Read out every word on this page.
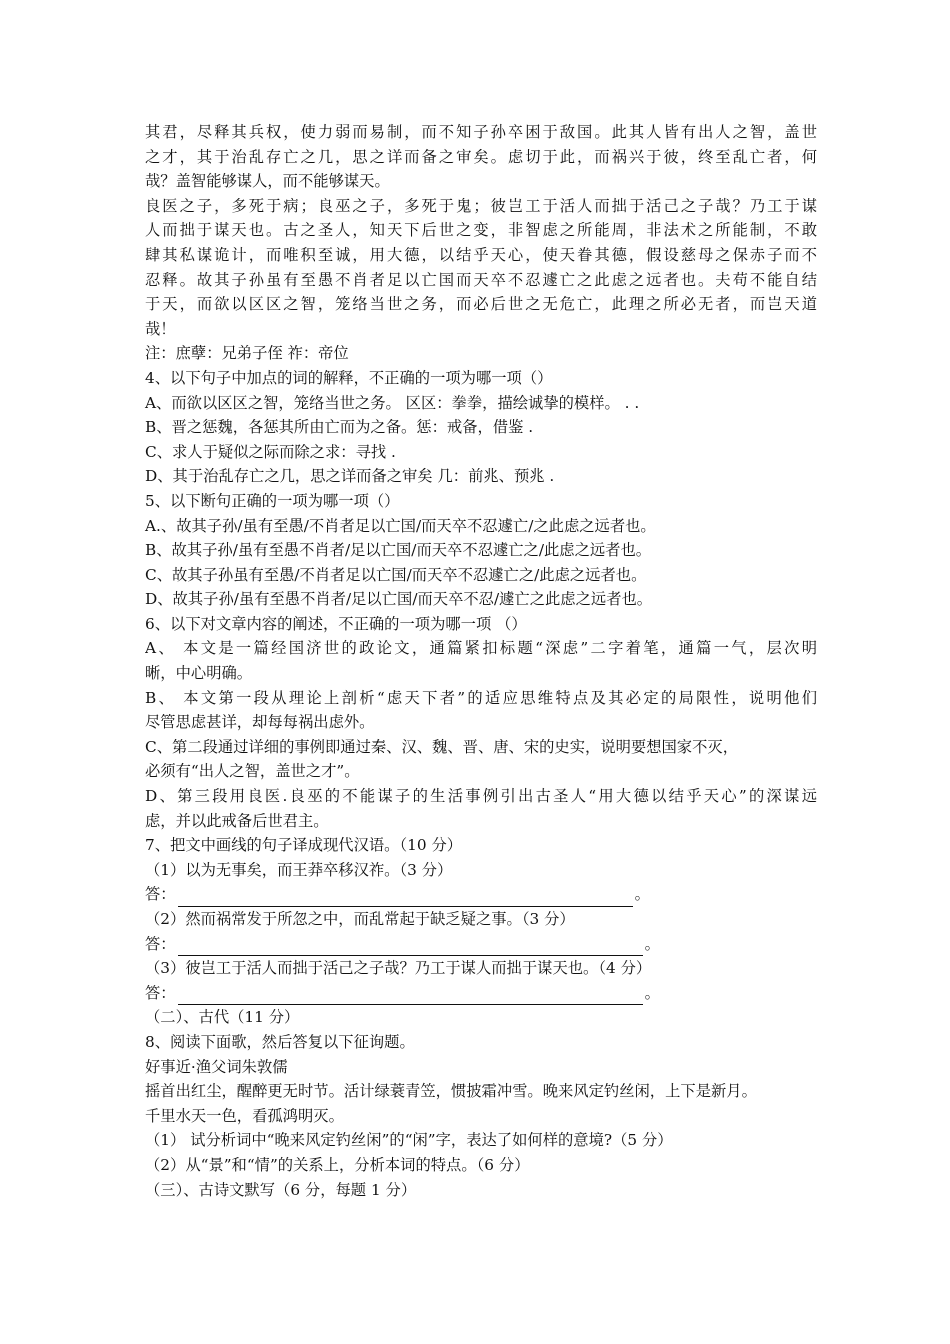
其君，尽释其兵权，使力弱而易制，而不知子孙卒困于敌国。此其人皆有出人之智，盖世
之才，其于治乱存亡之几，思之详而备之审矣。虑切于此，而祸兴于彼，终至乱亡者，何
哉？盖智能够谋人，而不能够谋天。
良医之子，多死于病；良巫之子，多死于鬼；彼岂工于活人而拙于活己之子哉？乃工于谋
人而拙于谋天也。古之圣人，知天下后世之变，非智虑之所能周，非法术之所能制，不敢
肆其私谋诡计，而唯积至诚，用大德，以结乎天心，使天眷其德，假设慈母之保赤子而不
忍释。故其子孙虽有至愚不肖者足以亡国而天卒不忍遽亡之此虑之远者也。夫苟不能自结
于天，而欲以区区之智，笼络当世之务，而必后世之无危亡，此理之所必无者，而岂天道
哉！
注：庶孽：兄弟子侄 祚：帝位
4、以下句子中加点的词的解释，不正确的一项为哪一项（）
A、而欲以区区之智，笼络当世之务。 区区：拳拳，描绘诚挚的模样。 . .
B、晋之惩魏，各惩其所由亡而为之备。惩：戒备，借鉴 .
C、求人于疑似之际而除之求：寻找 .
D、其于治乱存亡之几，思之详而备之审矣 几：前兆、预兆 .
5、以下断句正确的一项为哪一项（）
A.、故其子孙/虽有至愚/不肖者足以亡国/而天卒不忍遽亡/之此虑之远者也。
B、故其子孙/虽有至愚不肖者/足以亡国/而天卒不忍遽亡之/此虑之远者也。
C、故其子孙虽有至愚/不肖者足以亡国/而天卒不忍遽亡之/此虑之远者也。
D、故其子孙/虽有至愚不肖者/足以亡国/而天卒不忍/遽亡之此虑之远者也。
6、以下对文章内容的阐述，不正确的一项为哪一项 （）
A、 本文是一篇经国济世的政论文，通篇紧扣标题“深虑”二字着笔，通篇一气，层次明
晰，中心明确。
B、 本文第一段从理论上剖析“虑天下者”的适应思维特点及其必定的局限性，说明他们
尽管思虑甚详，却每每祸出虑外。
C、第二段通过详细的事例即通过秦、汉、魏、晋、唐、宋的史实，说明要想国家不灭，
必须有“出人之智，盖世之才”。
D、第三段用良医.良巫的不能谋子的生活事例引出古圣人“用大德以结乎天心”的深谋远
虑，并以此戒备后世君主。
7、把文中画线的句子译成现代汉语。（10 分）
（1）以为无事矣，而王莽卒移汉祚。（3 分）
答：	。
（2）然而祸常发于所忽之中，而乱常起于缺乏疑之事。（3 分）
答：	。
（3）彼岂工于活人而拙于活己之子哉？乃工于谋人而拙于谋天也。（4 分）
答：	。
（二）、古代（11 分）
8、阅读下面歌，然后答复以下征询题。
好事近·渔父词朱敦儒
摇首出红尘，醒醉更无时节。活计绿蓑青笠，惯披霜冲雪。晚来风定钓丝闲，上下是新月。
千里水天一色，看孤鸿明灭。
（1） 试分析词中“晚来风定钓丝闲”的“闲”字，表达了如何样的意境?（5 分）
（2）从“景”和“情”的关系上，分析本词的特点。（6 分）
（三）、古诗文默写（6 分，每题 1 分）
